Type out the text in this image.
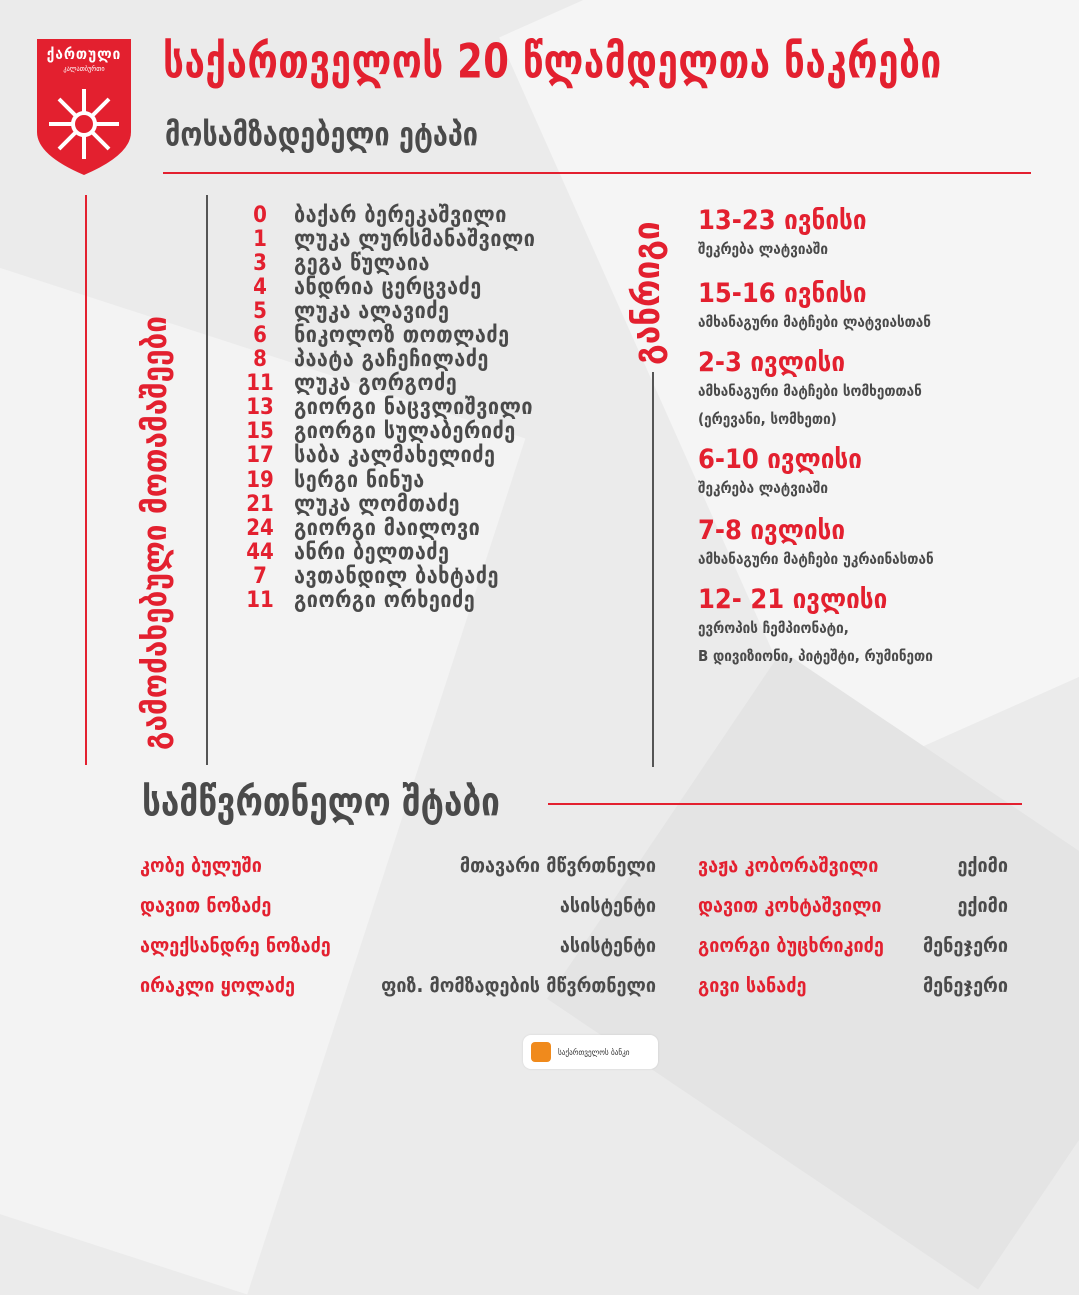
ქართული
კალათბურთი	საქართველოს 20 წლამდელთა ნაკრები
მოსამზადებელი ეტაპი
გამოძახებული მოთამაშეები
0	ბაქარ ბერეკაშვილი
1	ლუკა ლურსმანაშვილი
3	გეგა წულაია
4	ანდრია ცერცვაძე
5	ლუკა ალავიძე
6	ნიკოლოზ თოთლაძე
8	პაატა გაჩეჩილაძე
11 ლუკა გორგოძე
13 გიორგი ნაცვლიშვილი
15 გიორგი სულაბერიძე
17 საბა კალმახელიძე
19 სერგი ნინუა
21 ლუკა ლომთაძე
24 გიორგი მაილოვი
44 ანრი ბელთაძე
7	ავთანდილ ბახტაძე
11 გიორგი ორხეიძე
განრიგი
13-23 ივნისი
შეკრება ლატვიაში
15-16 ივნისი
ამხანაგური მატჩები ლატვიასთან
2-3 ივლისი
ამხანაგური მატჩები სომხეთთან
(ერევანი, სომხეთი)
6-10 ივლისი
შეკრება ლატვიაში
7-8 ივლისი
ამხანაგური მატჩები უკრაინასთან
12- 21 ივლისი
ევროპის ჩემპიონატი,
B დივიზიონი, პიტეშტი, რუმინეთი
სამწვრთნელო შტაბი
კობე ბულუში	მთავარი მწვრთნელი
დავით ნოზაძე	ასისტენტი
ალექსანდრე ნოზაძე	ასისტენტი
ირაკლი ყოლაძე	ფიზ. მომზადების მწვრთნელი
ვაჟა კობორაშვილი	ექიმი
დავით კოხტაშვილი	ექიმი
გიორგი ბუცხრიკიძე მენეჯერი
გივი სანაძე	მენეჯერი
საქართველოს ბანკი
